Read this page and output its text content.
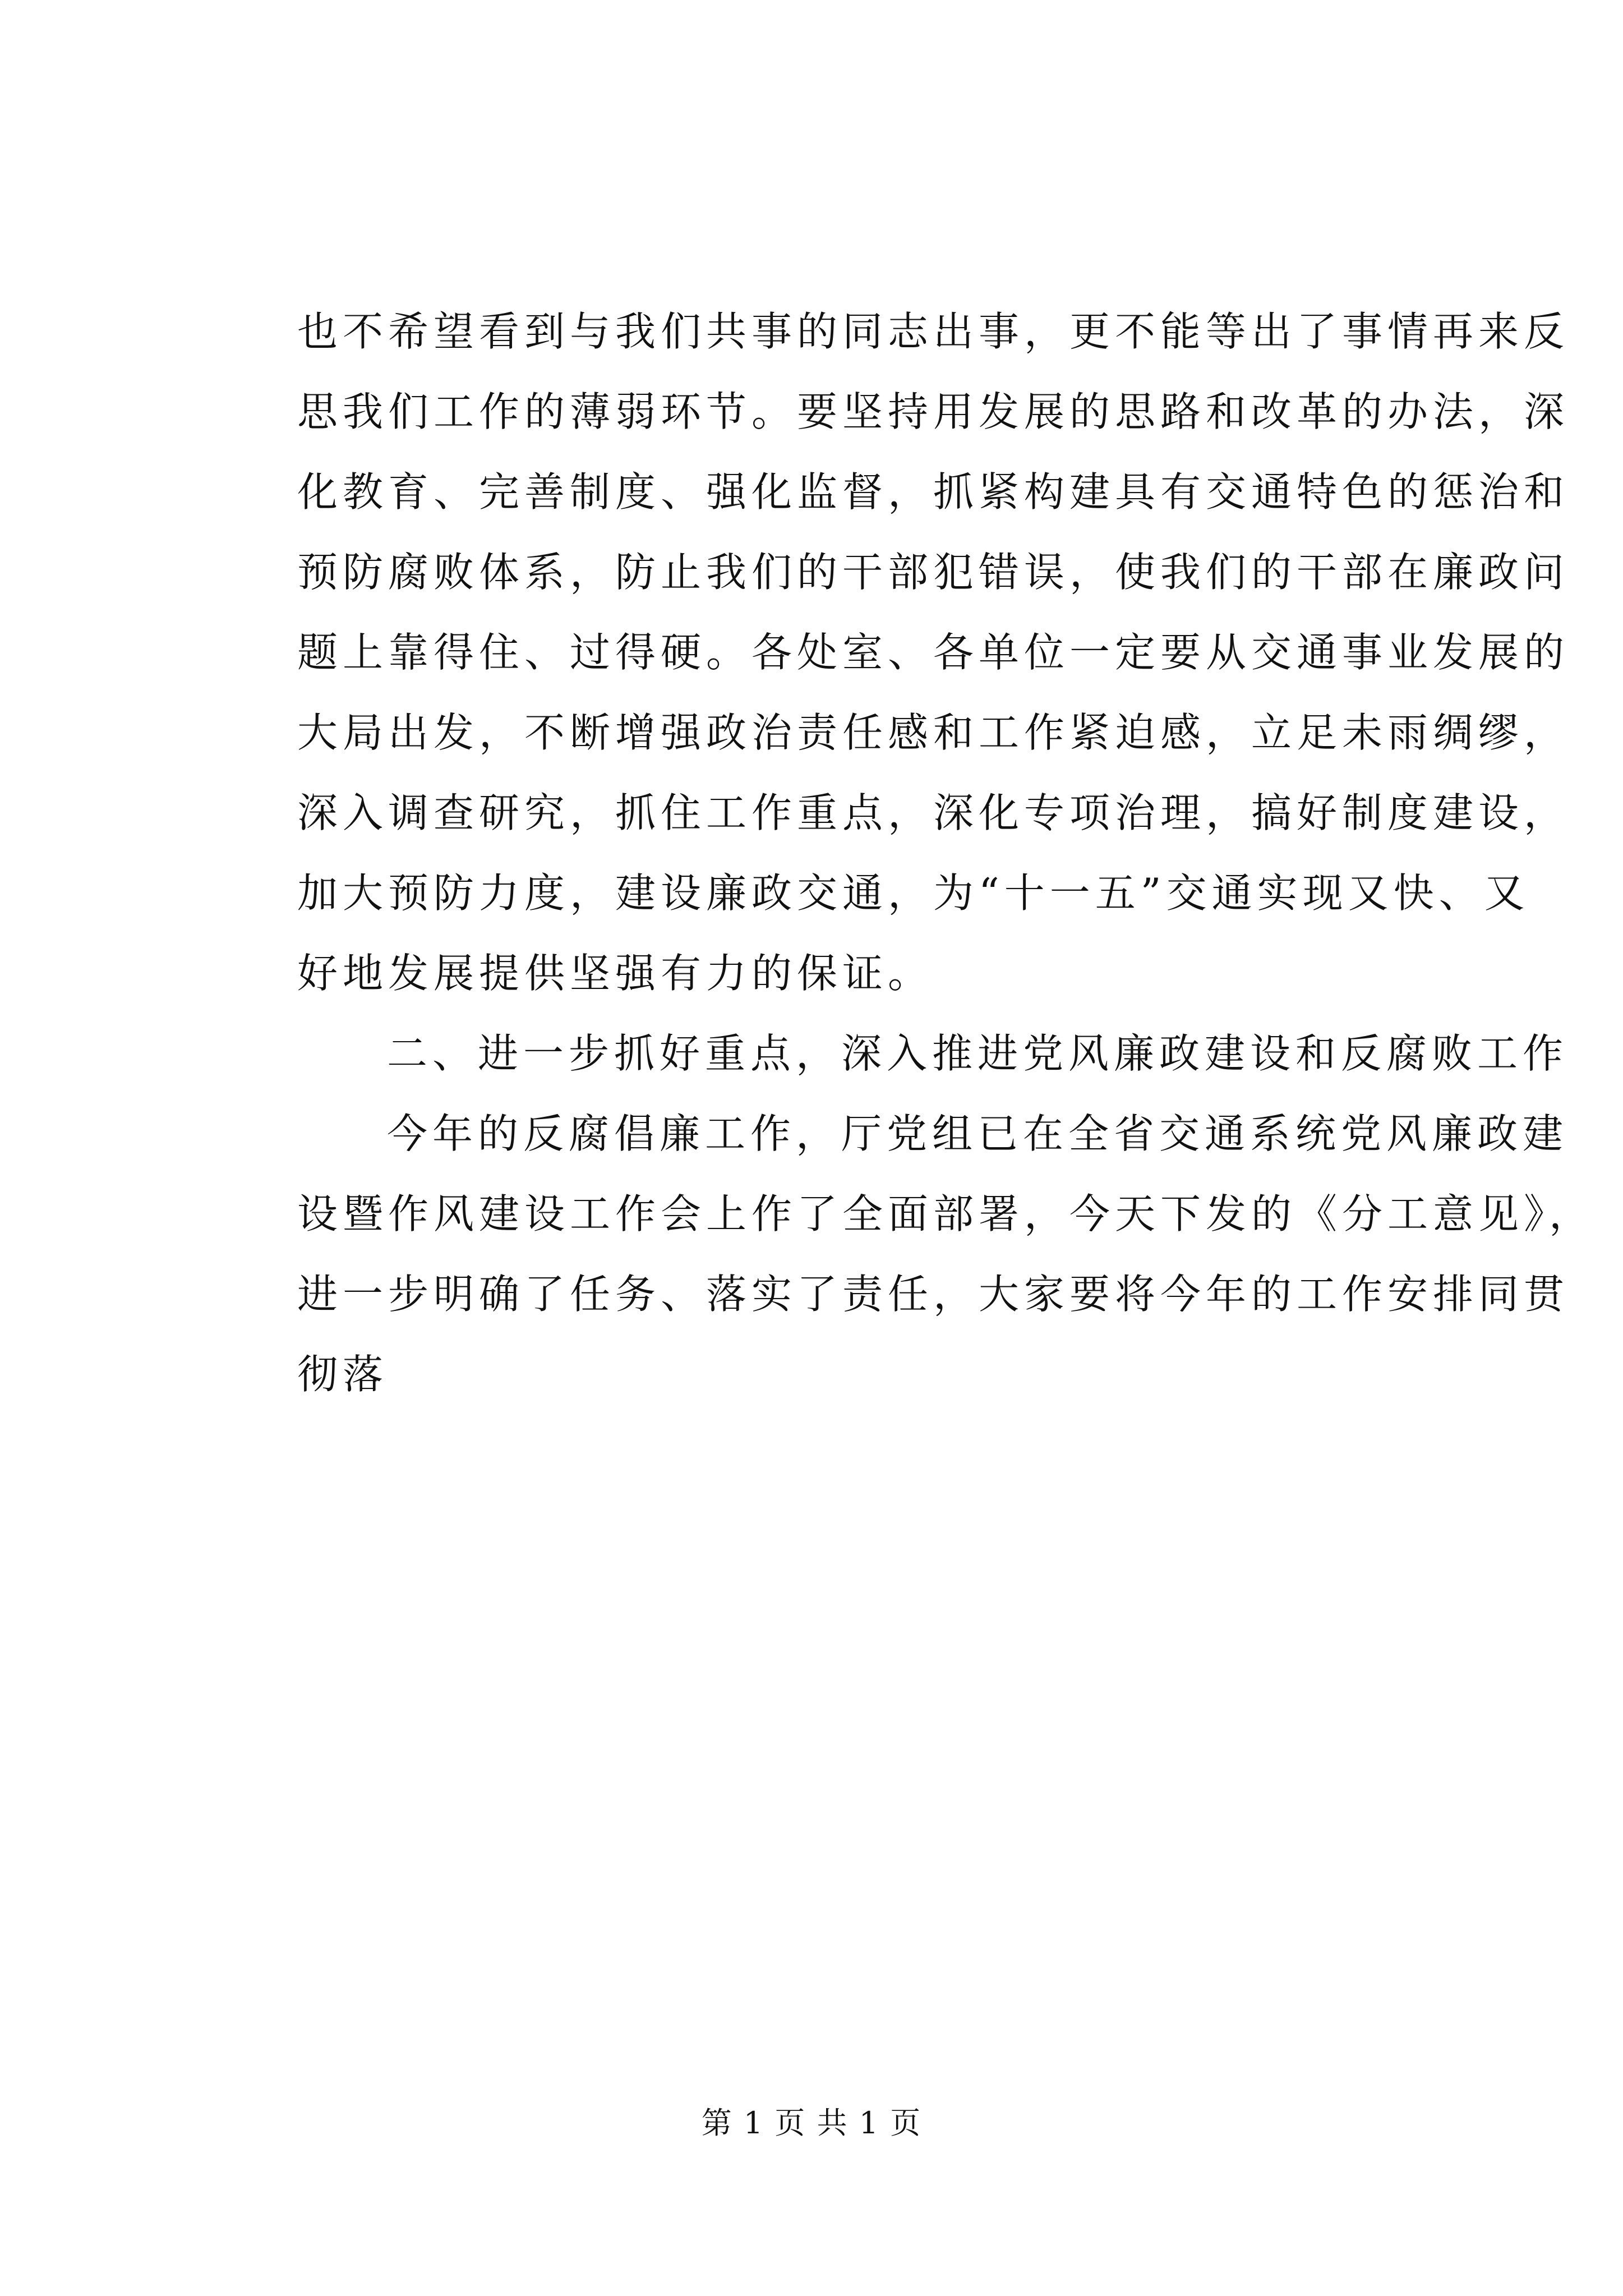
也不希望看到与我们共事的同志出事，更不能等出了事情再来反
思我们工作的薄弱环节。要坚持用发展的思路和改革的办法，深
化教育、完善制度、强化监督，抓紧构建具有交通特色的惩治和
预防腐败体系，防止我们的干部犯错误，使我们的干部在廉政问
题上靠得住、过得硬。各处室、各单位一定要从交通事业发展的
大局出发，不断增强政治责任感和工作紧迫感，立足未雨绸缪，
深入调查研究，抓住工作重点，深化专项治理，搞好制度建设，
加大预防力度，建设廉政交通，为“十一五”交通实现又快、又
好地发展提供坚强有力的保证。
二、进一步抓好重点，深入推进党风廉政建设和反腐败工作
今年的反腐倡廉工作，厅党组已在全省交通系统党风廉政建
设暨作风建设工作会上作了全面部署，今天下发的《分工意见》，
进一步明确了任务、落实了责任，大家要将今年的工作安排同贯
彻落
第 1 页 共 1 页
